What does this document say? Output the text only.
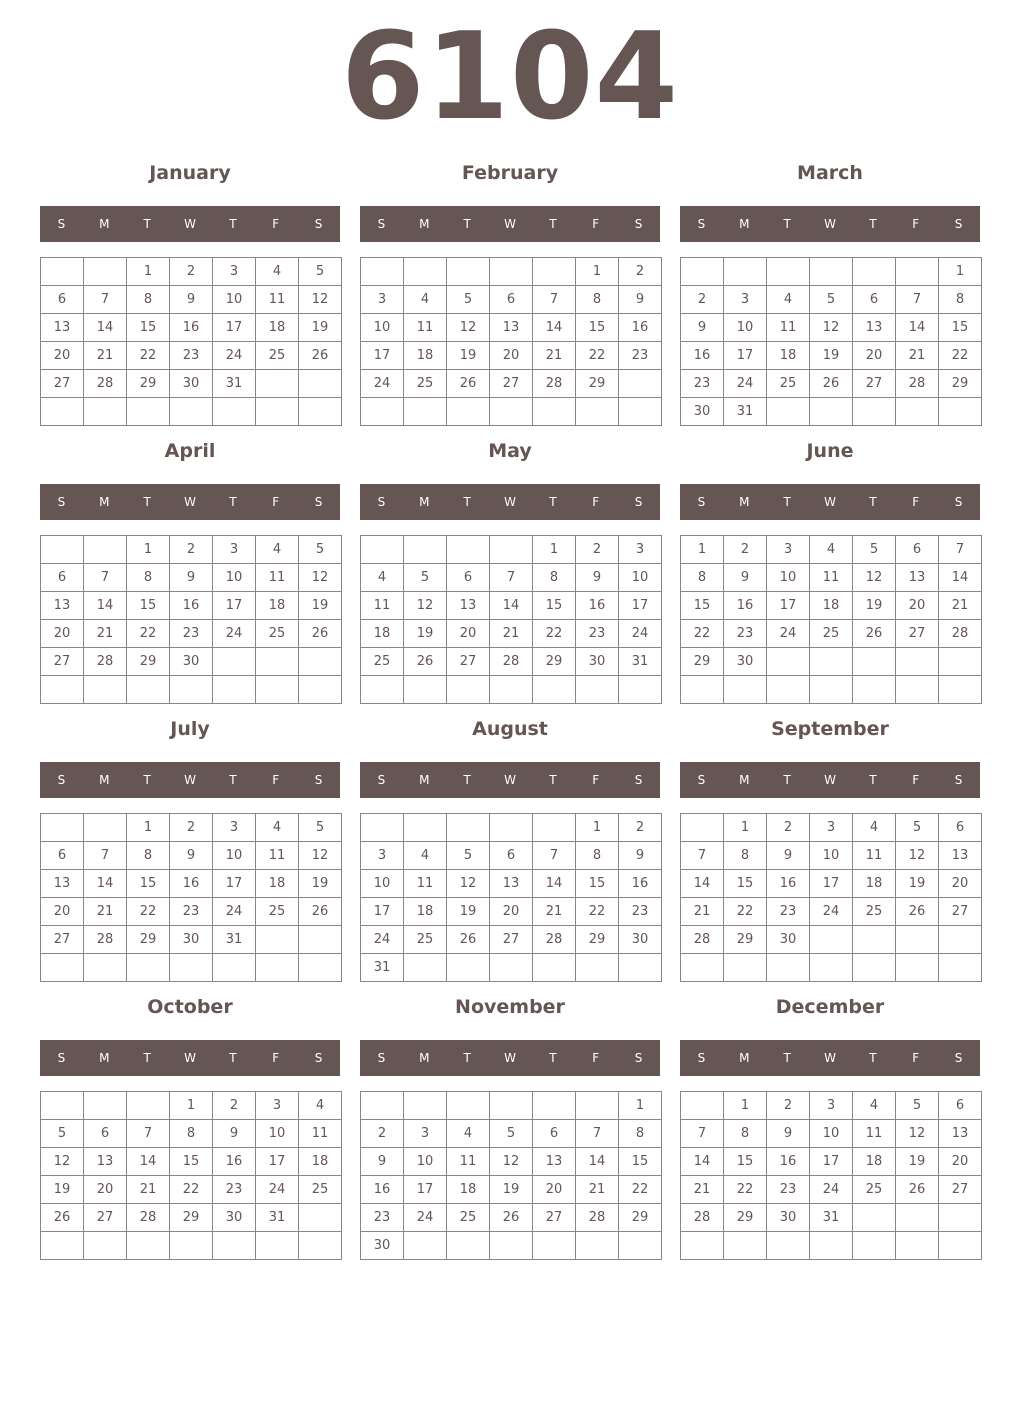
6104
January
S	M	T	W	T	F	S
		1	2	3	4	5
6	7	8	9	10	11	12
13	14	15	16	17	18	19
20	21	22	23	24	25	26
27	28	29	30	31		

February
S	M	T	W	T	F	S
					1	2
3	4	5	6	7	8	9
10	11	12	13	14	15	16
17	18	19	20	21	22	23
24	25	26	27	28	29	

March
S	M	T	W	T	F	S
						1
2	3	4	5	6	7	8
9	10	11	12	13	14	15
16	17	18	19	20	21	22
23	24	25	26	27	28	29
30	31					
April
S	M	T	W	T	F	S
		1	2	3	4	5
6	7	8	9	10	11	12
13	14	15	16	17	18	19
20	21	22	23	24	25	26
27	28	29	30			

May
S	M	T	W	T	F	S
				1	2	3
4	5	6	7	8	9	10
11	12	13	14	15	16	17
18	19	20	21	22	23	24
25	26	27	28	29	30	31

June
S	M	T	W	T	F	S
1	2	3	4	5	6	7
8	9	10	11	12	13	14
15	16	17	18	19	20	21
22	23	24	25	26	27	28
29	30					

July
S	M	T	W	T	F	S
		1	2	3	4	5
6	7	8	9	10	11	12
13	14	15	16	17	18	19
20	21	22	23	24	25	26
27	28	29	30	31		

August
S	M	T	W	T	F	S
					1	2
3	4	5	6	7	8	9
10	11	12	13	14	15	16
17	18	19	20	21	22	23
24	25	26	27	28	29	30
31						
September
S	M	T	W	T	F	S
	1	2	3	4	5	6
7	8	9	10	11	12	13
14	15	16	17	18	19	20
21	22	23	24	25	26	27
28	29	30				

October
S	M	T	W	T	F	S
			1	2	3	4
5	6	7	8	9	10	11
12	13	14	15	16	17	18
19	20	21	22	23	24	25
26	27	28	29	30	31	

November
S	M	T	W	T	F	S
						1
2	3	4	5	6	7	8
9	10	11	12	13	14	15
16	17	18	19	20	21	22
23	24	25	26	27	28	29
30						
December
S	M	T	W	T	F	S
	1	2	3	4	5	6
7	8	9	10	11	12	13
14	15	16	17	18	19	20
21	22	23	24	25	26	27
28	29	30	31			
